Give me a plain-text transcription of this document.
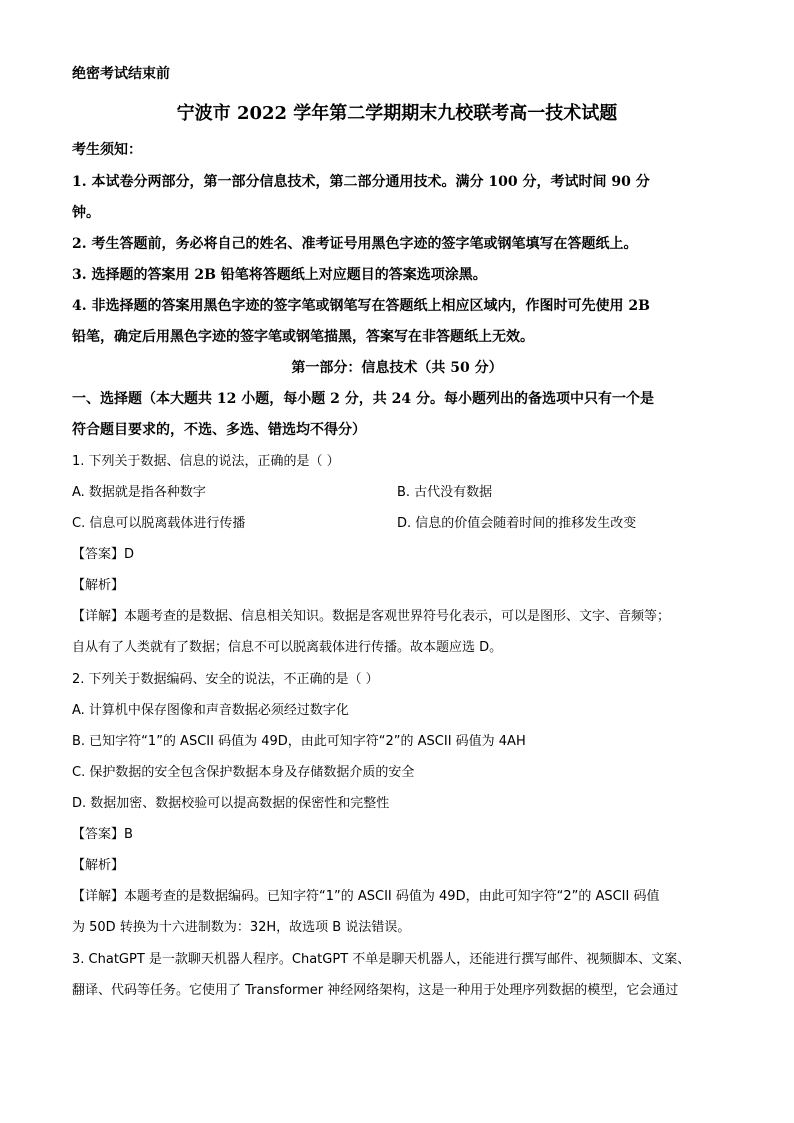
绝密考试结束前
宁波市 2022 学年第二学期期末九校联考高一技术试题
考生须知：
1. 本试卷分两部分，第一部分信息技术，第二部分通用技术。满分 100 分，考试时间 90 分
钟。
2. 考生答题前，务必将自己的姓名、准考证号用黑色字迹的签字笔或钢笔填写在答题纸上。
3. 选择题的答案用 2B 铅笔将答题纸上对应题目的答案选项涂黑。
4. 非选择题的答案用黑色字迹的签字笔或钢笔写在答题纸上相应区域内，作图时可先使用 2B
铅笔，确定后用黑色字迹的签字笔或钢笔描黑，答案写在非答题纸上无效。
第一部分：信息技术（共 50 分）
一、选择题（本大题共 12 小题，每小题 2 分，共 24 分。每小题列出的备选项中只有一个是
符合题目要求的，不选、多选、错选均不得分）
1. 下列关于数据、信息的说法，正确的是（ ）
A. 数据就是指各种数字	B. 古代没有数据
C. 信息可以脱离载体进行传播	D. 信息的价值会随着时间的推移发生改变
【答案】D
【解析】
【详解】本题考查的是数据、信息相关知识。数据是客观世界符号化表示，可以是图形、文字、音频等；
自从有了人类就有了数据；信息不可以脱离载体进行传播。故本题应选 D。
2. 下列关于数据编码、安全的说法，不正确的是（ ）
A. 计算机中保存图像和声音数据必须经过数字化
B. 已知字符“1”的 ASCII 码值为 49D，由此可知字符“2”的 ASCII 码值为 4AH
C. 保护数据的安全包含保护数据本身及存储数据介质的安全
D. 数据加密、数据校验可以提高数据的保密性和完整性
【答案】B
【解析】
【详解】本题考查的是数据编码。已知字符“1”的 ASCII 码值为 49D，由此可知字符“2”的 ASCII 码值
为 50D 转换为十六进制数为：32H，故选项 B 说法错误。
3. ChatGPT 是一款聊天机器人程序。ChatGPT 不单是聊天机器人，还能进行撰写邮件、视频脚本、文案、
翻译、代码等任务。它使用了 Transformer 神经网络架构，这是一种用于处理序列数据的模型，它会通过
